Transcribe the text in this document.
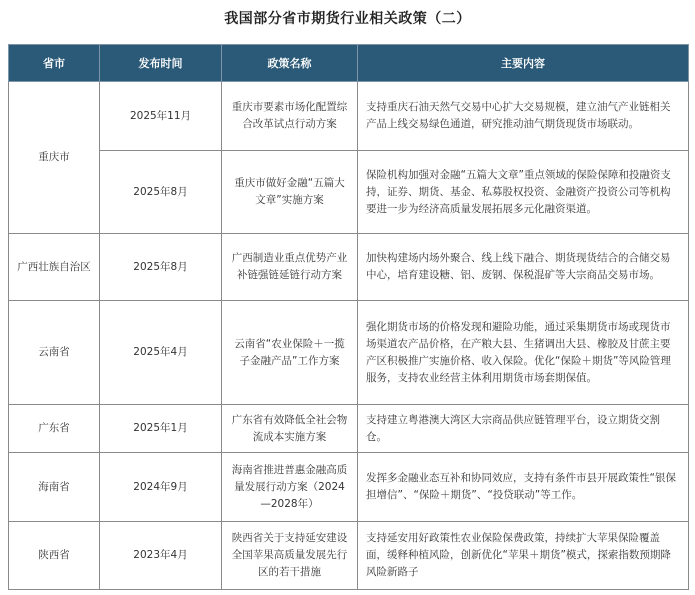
我国部分省市期货行业相关政策（二）
省市	发布时间	政策名称	主要内容
重庆市	2025年11月	重庆市要素市场化配置综合改革试点行动方案	支持重庆石油天然气交易中心扩大交易规模，建立油气产业链相关产品上线交易绿色通道，研究推动油气期货现货市场联动。
	2025年8月	重庆市做好金融“五篇大文章”实施方案	保险机构加强对金融“五篇大文章”重点领域的保险保障和投融资支持，证券、期货、基金、私募股权投资、金融资产投资公司等机构要进一步为经济高质量发展拓展多元化融资渠道。
广西壮族自治区	2025年8月	广西制造业重点优势产业补链强链延链行动方案	加快构建场内场外聚合、线上线下融合、期货现货结合的合储交易中心，培育建设糖、铝、废钢、保税混矿等大宗商品交易市场。
云南省	2025年4月	云南省“农业保险＋一揽子金融产品”工作方案	强化期货市场的价格发现和避险功能，通过采集期货市场或现货市场渠道农产品价格，在产粮大县、生猪调出大县、橡胶及甘蔗主要产区积极推广实施价格、收入保险。优化“保险＋期货”等风险管理服务，支持农业经营主体利用期货市场套期保值。
广东省	2025年1月	广东省有效降低全社会物流成本实施方案	支持建立粤港澳大湾区大宗商品供应链管理平台，设立期货交割仓。
海南省	2024年9月	海南省推进普惠金融高质量发展行动方案（2024—2028年）	发挥多金融业态互补和协同效应，支持有条件市县开展政策性“银保担增信”、“保险＋期货”、“投贷联动”等工作。
陕西省	2023年4月	陕西省关于支持延安建设全国苹果高质量发展先行区的若干措施	支持延安用好政策性农业保险保费政策，持续扩大苹果保险覆盖面，缓释种植风险，创新优化“苹果＋期货”模式，探索指数预期降风险新路子
